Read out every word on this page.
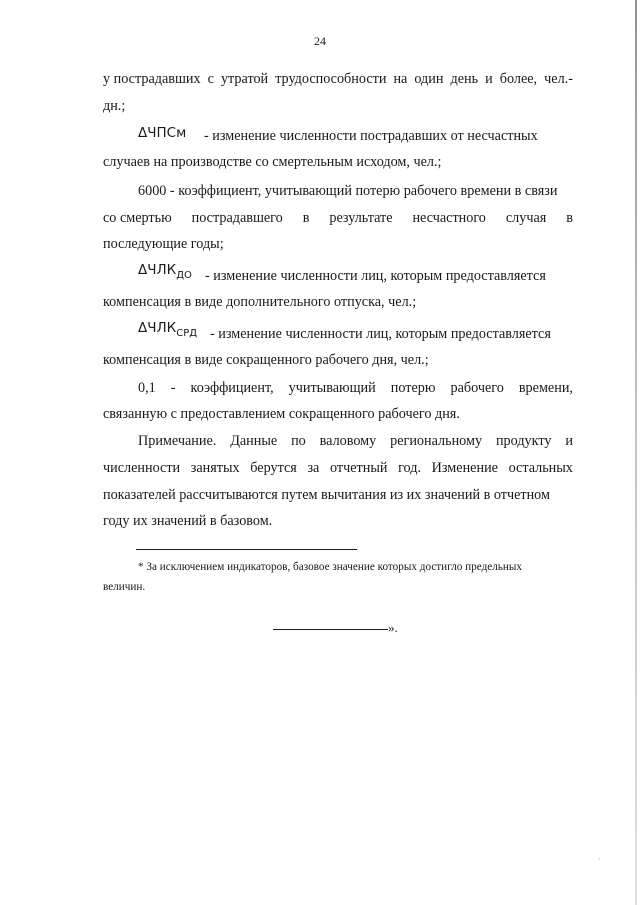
24
у пострадавших с утратой трудоспособности на один день и более, чел.-
дн.;
ΔЧПСм - изменение численности пострадавших от несчастных
случаев на производстве со смертельным исходом, чел.;
6000 - коэффициент, учитывающий потерю рабочего времени в связи
со смертью пострадавшего в результате несчастного случая в
последующие годы;
$\Delta ЧЛК_{ДО}$ - изменение численности лиц, которым предоставляется
компенсация в виде дополнительного отпуска, чел.;
$\Delta ЧЛК_{СРД}$ - изменение численности лиц, которым предоставляется
компенсация в виде сокращенного рабочего дня, чел.;
0,1 - коэффициент, учитывающий потерю рабочего времени,
связанную с предоставлением сокращенного рабочего дня.
Примечание. Данные по валовому региональному продукту и
численности занятых берутся за отчетный год. Изменение остальных
показателей рассчитываются путем вычитания из их значений в отчетном
году их значений в базовом.
* За исключением индикаторов, базовое значение которых достигло предельных
величин.
».
·
